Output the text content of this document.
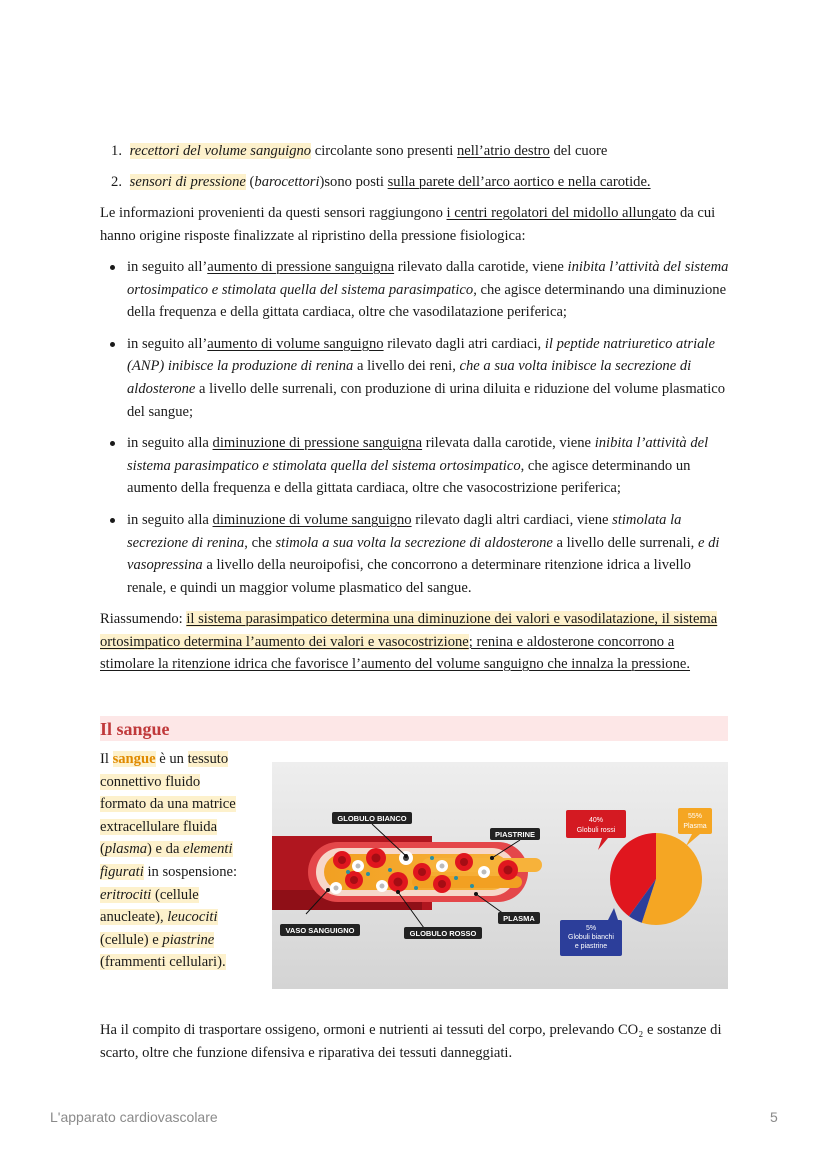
1. recettori del volume sanguigno circolante sono presenti nell’atrio destro del cuore
2. sensori di pressione (barocettori)sono posti sulla parete dell’arco aortico e nella carotide.

Le informazioni provenienti da questi sensori raggiungono i centri regolatori del midollo allungato da cui hanno origine risposte finalizzate al ripristino della pressione fisiologica:

in seguito all’aumento di pressione sanguigna rilevato dalla carotide, viene inibita l’attività del sistema ortosimpatico e stimolata quella del sistema parasimpatico, che agisce determinando una diminuzione della frequenza e della gittata cardiaca, oltre che vasodilatazione periferica;
in seguito all’aumento di volume sanguigno rilevato dagli atri cardiaci, il peptide natriuretico atriale (ANP) inibisce la produzione di renina a livello dei reni, che a sua volta inibisce la secrezione di aldosterone a livello delle surrenali, con produzione di urina diluita e riduzione del volume plasmatico del sangue;
in seguito alla diminuzione di pressione sanguigna rilevata dalla carotide, viene inibita l’attività del sistema parasimpatico e stimolata quella del sistema ortosimpatico, che agisce determinando un aumento della frequenza e della gittata cardiaca, oltre che vasocostrizione periferica;
in seguito alla diminuzione di volume sanguigno rilevato dagli altri cardiaci, viene stimolata la secrezione di renina, che stimola a sua volta la secrezione di aldosterone a livello delle surrenali, e di vasopressina a livello della neuroipofisi, che concorrono a determinare ritenzione idrica a livello renale, e quindi un maggior volume plasmatico del sangue.

Riassumendo: il sistema parasimpatico determina una diminuzione dei valori e vasodilatazione, il sistema ortosimpatico determina l’aumento dei valori e vasocostrizione; renina e aldosterone concorrono a stimolare la ritenzione idrica che favorisce l’aumento del volume sanguigno che innalza la pressione.

Il sangue
Il sangue è un tessuto
connettivo fluido
formato da una matrice
extracellulare fluida
(plasma) e da elementi
figurati in sospensione:
eritrociti (cellule
anucleate), leucociti
(cellule) e piastrine
(frammenti cellulari).
GLOBULO BIANCO
PIASTRINE
PLASMA
VASO SANGUIGNO	GLOBULO ROSSO
40%
Globuli rossi
55%
Plasma
5%
Globuli bianchi
e piastrine

Ha il compito di trasportare ossigeno, ormoni e nutrienti ai tessuti del corpo, prelevando CO₂ e sostanze di scarto, oltre che funzione difensiva e riparativa dei tessuti danneggiati.

L'apparato cardiovascolare	5
